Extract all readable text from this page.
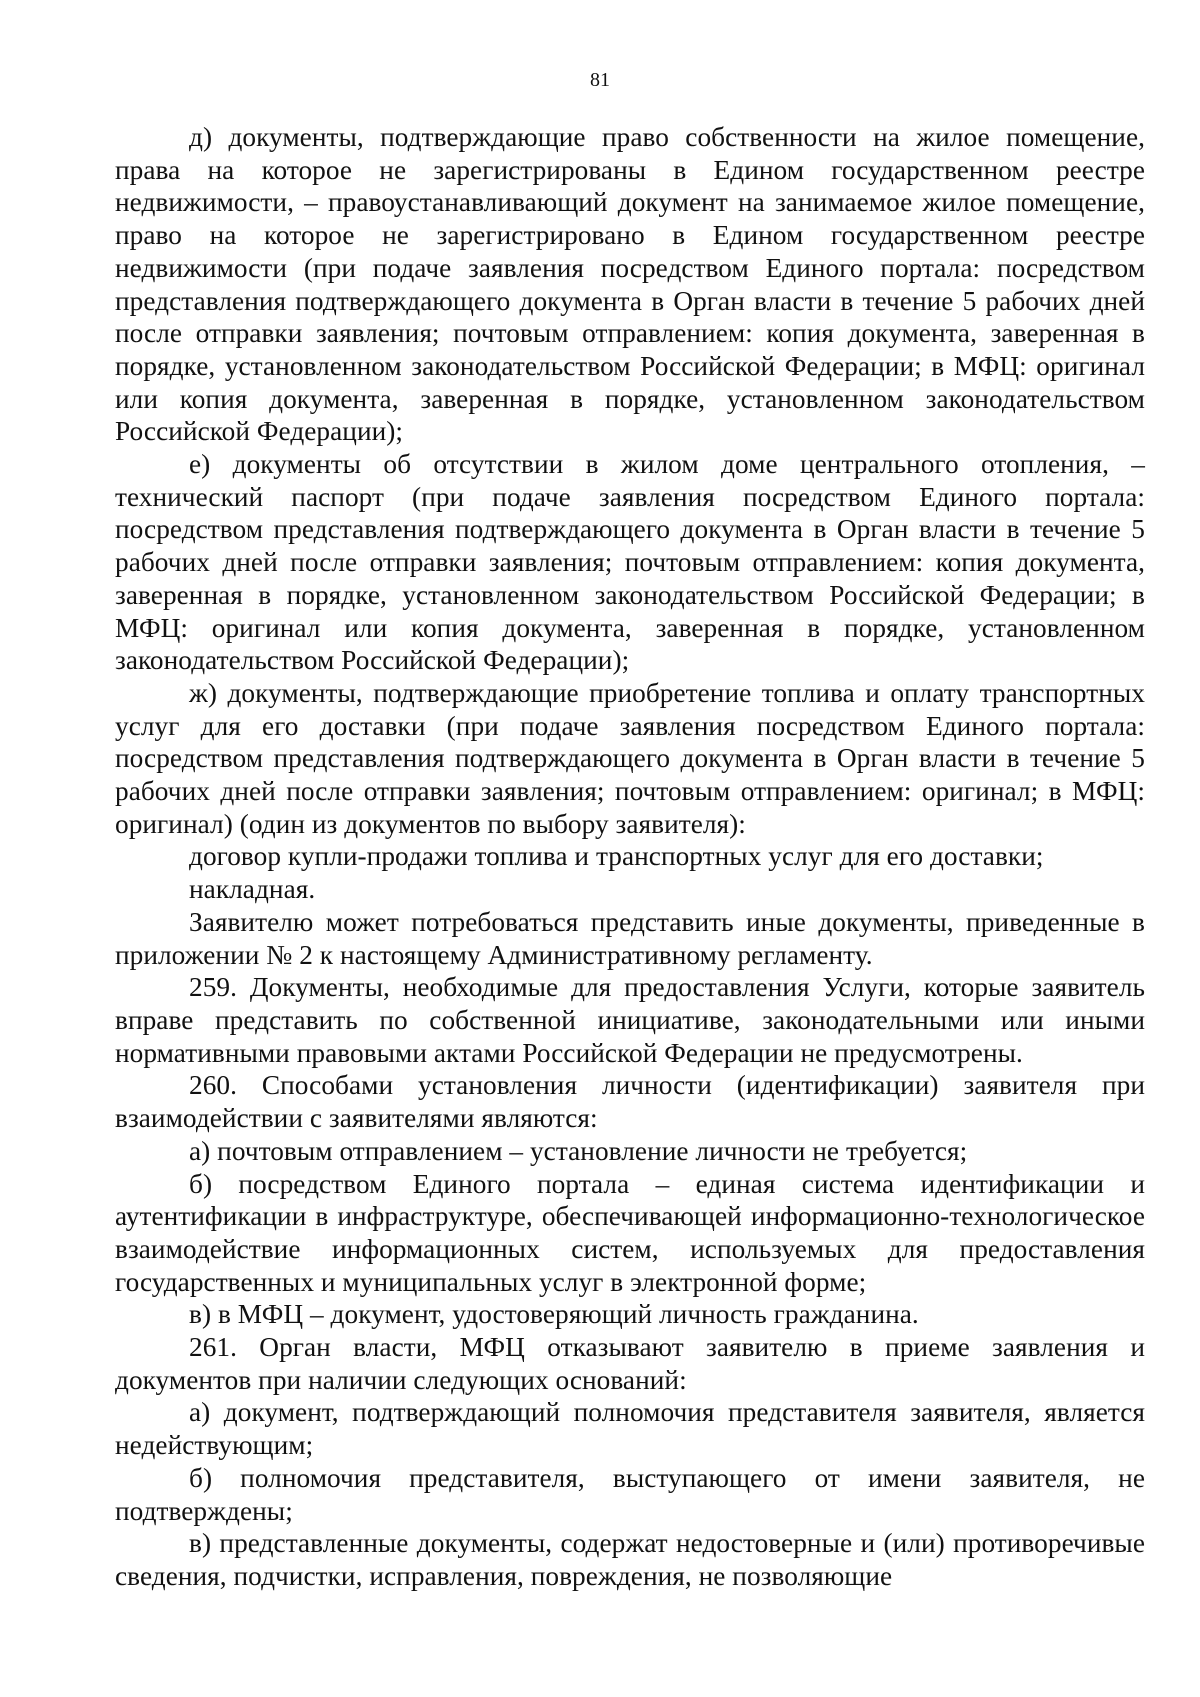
81

д) документы, подтверждающие право собственности на жилое помещение, права на которое не зарегистрированы в Едином государственном реестре недвижимости, – правоустанавливающий документ на занимаемое жилое помещение, право на которое не зарегистрировано в Едином государственном реестре недвижимости (при подаче заявления посредством Единого портала: посредством представления подтверждающего документа в Орган власти в течение 5 рабочих дней после отправки заявления; почтовым отправлением: копия документа, заверенная в порядке, установленном законодательством Российской Федерации; в МФЦ: оригинал или копия документа, заверенная в порядке, установленном законодательством Российской Федерации);

е) документы об отсутствии в жилом доме центрального отопления, – технический паспорт (при подаче заявления посредством Единого портала: посредством представления подтверждающего документа в Орган власти в течение 5 рабочих дней после отправки заявления; почтовым отправлением: копия документа, заверенная в порядке, установленном законодательством Российской Федерации; в МФЦ: оригинал или копия документа, заверенная в порядке, установленном законодательством Российской Федерации);

ж) документы, подтверждающие приобретение топлива и оплату транспортных услуг для его доставки (при подаче заявления посредством Единого портала: посредством представления подтверждающего документа в Орган власти в течение 5 рабочих дней после отправки заявления; почтовым отправлением: оригинал; в МФЦ: оригинал) (один из документов по выбору заявителя):

договор купли-продажи топлива и транспортных услуг для его доставки;

накладная.

Заявителю может потребоваться представить иные документы, приведенные в приложении № 2 к настоящему Административному регламенту.

259. Документы, необходимые для предоставления Услуги, которые заявитель вправе представить по собственной инициативе, законодательными или иными нормативными правовыми актами Российской Федерации не предусмотрены.

260. Способами установления личности (идентификации) заявителя при взаимодействии с заявителями являются:

а) почтовым отправлением – установление личности не требуется;

б) посредством Единого портала – единая система идентификации и аутентификации в инфраструктуре, обеспечивающей информационно-технологическое взаимодействие информационных систем, используемых для предоставления государственных и муниципальных услуг в электронной форме;

в) в МФЦ – документ, удостоверяющий личность гражданина.

261. Орган власти, МФЦ отказывают заявителю в приеме заявления и документов при наличии следующих оснований:

а) документ, подтверждающий полномочия представителя заявителя, является недействующим;

б) полномочия представителя, выступающего от имени заявителя, не подтверждены;

в) представленные документы, содержат недостоверные и (или) противоречивые сведения, подчистки, исправления, повреждения, не позволяющие
